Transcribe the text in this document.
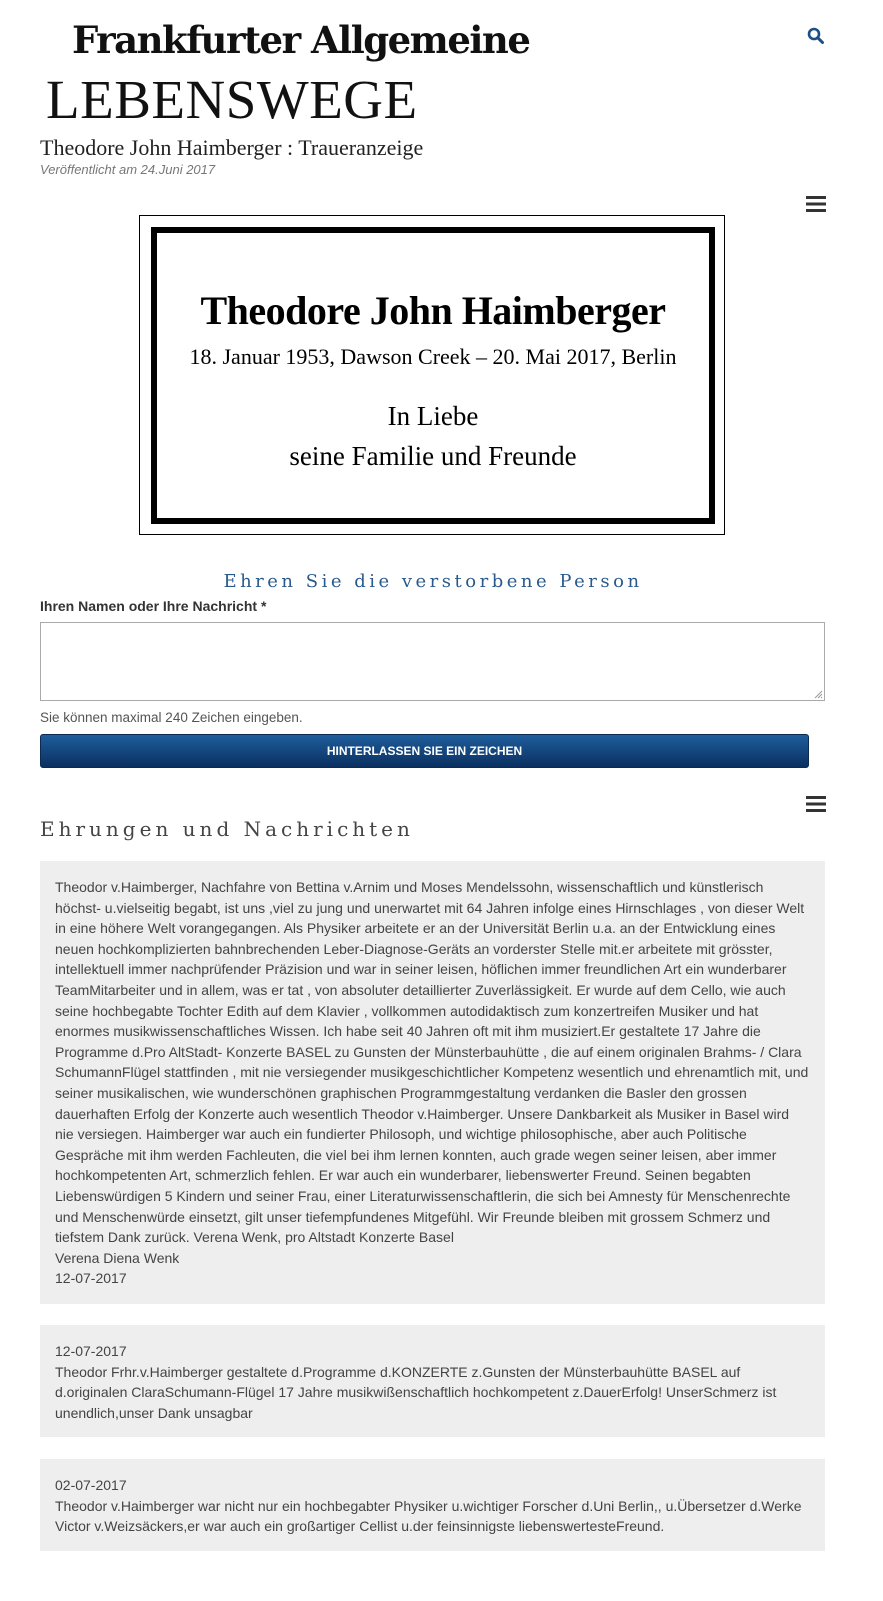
Frankfurter Allgemeine
LEBENSWEGE
Theodore John Haimberger : Traueranzeige
Veröffentlicht am 24.Juni 2017
Theodore John Haimberger
18. Januar 1953, Dawson Creek – 20. Mai 2017, Berlin
In Liebe
seine Familie und Freunde
Ehren Sie die verstorbene Person
Ihren Namen oder Ihre Nachricht *
Sie können maximal 240 Zeichen eingeben.
HINTERLASSEN SIE EIN ZEICHEN
Ehrungen und Nachrichten

Theodor v.Haimberger, Nachfahre von Bettina v.Arnim und Moses Mendelssohn, wissenschaftlich und künstlerisch höchst- u.vielseitig begabt, ist uns ,viel zu jung und unerwartet mit 64 Jahren infolge eines Hirnschlages , von dieser Welt in eine höhere Welt vorangegangen. Als Physiker arbeitete er an der Universität Berlin u.a. an der Entwicklung eines neuen hochkomplizierten bahnbrechenden Leber-Diagnose-Geräts an vorderster Stelle mit.er arbeitete mit grösster, intellektuell immer nachprüfender Präzision und war in seiner leisen, höflichen immer freundlichen Art ein wunderbarer TeamMitarbeiter und in allem, was er tat , von absoluter detaillierter Zuverlässigkeit. Er wurde auf dem Cello, wie auch seine hochbegabte Tochter Edith auf dem Klavier , vollkommen autodidaktisch zum konzertreifen Musiker und hat enormes musikwissenschaftliches Wissen. Ich habe seit 40 Jahren oft mit ihm musiziert.Er gestaltete 17 Jahre die Programme d.Pro AltStadt- Konzerte BASEL zu Gunsten der Münsterbauhütte , die auf einem originalen Brahms- / Clara SchumannFlügel stattfinden , mit nie versiegender musikgeschichtlicher Kompetenz wesentlich und ehrenamtlich mit, und seiner musikalischen, wie wunderschönen graphischen Programmgestaltung verdanken die Basler den grossen dauerhaften Erfolg der Konzerte auch wesentlich Theodor v.Haimberger. Unsere Dankbarkeit als Musiker in Basel wird nie versiegen. Haimberger war auch ein fundierter Philosoph, und wichtige philosophische, aber auch Politische Gespräche mit ihm werden Fachleuten, die viel bei ihm lernen konnten, auch grade wegen seiner leisen, aber immer hochkompetenten Art, schmerzlich fehlen. Er war auch ein wunderbarer, liebenswerter Freund. Seinen begabten Liebenswürdigen 5 Kindern und seiner Frau, einer Literaturwissenschaftlerin, die sich bei Amnesty für Menschenrechte und Menschenwürde einsetzt, gilt unser tiefempfundenes Mitgefühl. Wir Freunde bleiben mit grossem Schmerz und tiefstem Dank zurück. Verena Wenk, pro Altstadt Konzerte Basel

Verena Diena Wenk

12-07-2017

12-07-2017

Theodor Frhr.v.Haimberger gestaltete d.Programme d.KONZERTE z.Gunsten der Münsterbauhütte BASEL auf d.originalen ClaraSchumann-Flügel 17 Jahre musikwißenschaftlich hochkompetent z.DauerErfolg! UnserSchmerz ist unendlich,unser Dank unsagbar

02-07-2017

Theodor v.Haimberger war nicht nur ein hochbegabter Physiker u.wichtiger Forscher d.Uni Berlin,, u.Übersetzer d.Werke Victor v.Weizsäckers,er war auch ein großartiger Cellist u.der feinsinnigste liebenswertesteFreund.
